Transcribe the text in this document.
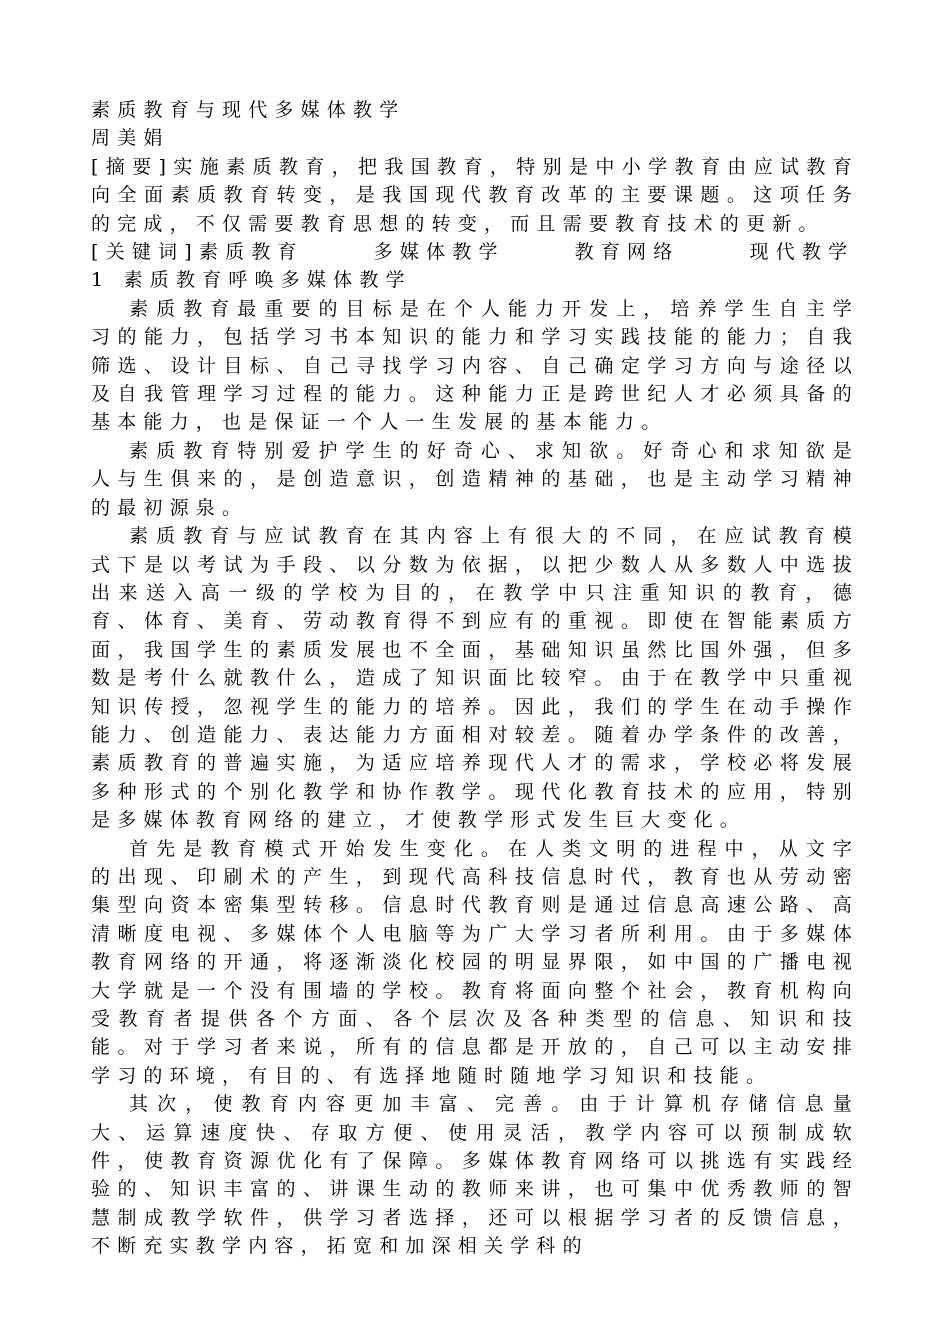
素质教育与现代多媒体教学

周美娟

[摘要]实施素质教育，把我国教育，特别是中小学教育由应试教育向全面素质教育转变，是我国现代教育改革的主要课题。这项任务的完成，不仅需要教育思想的转变，而且需要教育技术的更新。

[关键词]素质教育	多媒体教学	教育网络	现代教学

1 素质教育呼唤多媒体教学

素质教育最重要的目标是在个人能力开发上，培养学生自主学习的能力，包括学习书本知识的能力和学习实践技能的能力；自我筛选、设计目标、自己寻找学习内容、自己确定学习方向与途径以及自我管理学习过程的能力。这种能力正是跨世纪人才必须具备的基本能力，也是保证一个人一生发展的基本能力。

素质教育特别爱护学生的好奇心、求知欲。好奇心和求知欲是人与生俱来的，是创造意识，创造精神的基础，也是主动学习精神的最初源泉。

素质教育与应试教育在其内容上有很大的不同，在应试教育模式下是以考试为手段、以分数为依据，以把少数人从多数人中选拔出来送入高一级的学校为目的，在教学中只注重知识的教育，德育、体育、美育、劳动教育得不到应有的重视。即使在智能素质方面，我国学生的素质发展也不全面，基础知识虽然比国外强，但多数是考什么就教什么，造成了知识面比较窄。由于在教学中只重视知识传授，忽视学生的能力的培养。因此，我们的学生在动手操作能力、创造能力、表达能力方面相对较差。随着办学条件的改善，素质教育的普遍实施，为适应培养现代人才的需求，学校必将发展多种形式的个别化教学和协作教学。现代化教育技术的应用，特别是多媒体教育网络的建立，才使教学形式发生巨大变化。

首先是教育模式开始发生变化。在人类文明的进程中，从文字的出现、印刷术的产生，到现代高科技信息时代，教育也从劳动密集型向资本密集型转移。信息时代教育则是通过信息高速公路、高清晰度电视、多媒体个人电脑等为广大学习者所利用。由于多媒体教育网络的开通，将逐渐淡化校园的明显界限，如中国的广播电视大学就是一个没有围墙的学校。教育将面向整个社会，教育机构向受教育者提供各个方面、各个层次及各种类型的信息、知识和技能。对于学习者来说，所有的信息都是开放的，自己可以主动安排学习的环境，有目的、有选择地随时随地学习知识和技能。

其次，使教育内容更加丰富、完善。由于计算机存储信息量大、运算速度快、存取方便、使用灵活，教学内容可以预制成软件，使教育资源优化有了保障。多媒体教育网络可以挑选有实践经验的、知识丰富的、讲课生动的教师来讲，也可集中优秀教师的智慧制成教学软件，供学习者选择，还可以根据学习者的反馈信息，不断充实教学内容，拓宽和加深相关学科的
